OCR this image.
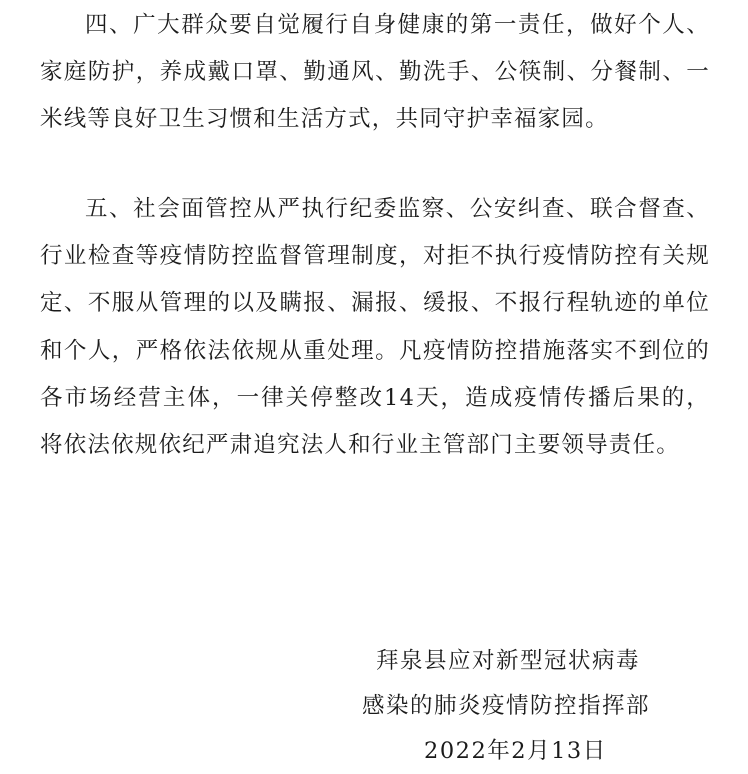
四、广大群众要自觉履行自身健康的第一责任，做好个人、家庭防护，养成戴口罩、勤通风、勤洗手、公筷制、分餐制、一米线等良好卫生习惯和生活方式，共同守护幸福家园。

五、社会面管控从严执行纪委监察、公安纠查、联合督查、行业检查等疫情防控监督管理制度，对拒不执行疫情防控有关规定、不服从管理的以及瞒报、漏报、缓报、不报行程轨迹的单位和个人，严格依法依规从重处理。凡疫情防控措施落实不到位的各市场经营主体，一律关停整改14天，造成疫情传播后果的，将依法依规依纪严肃追究法人和行业主管部门主要领导责任。

拜泉县应对新型冠状病毒

感染的肺炎疫情防控指挥部

2022年2月13日
